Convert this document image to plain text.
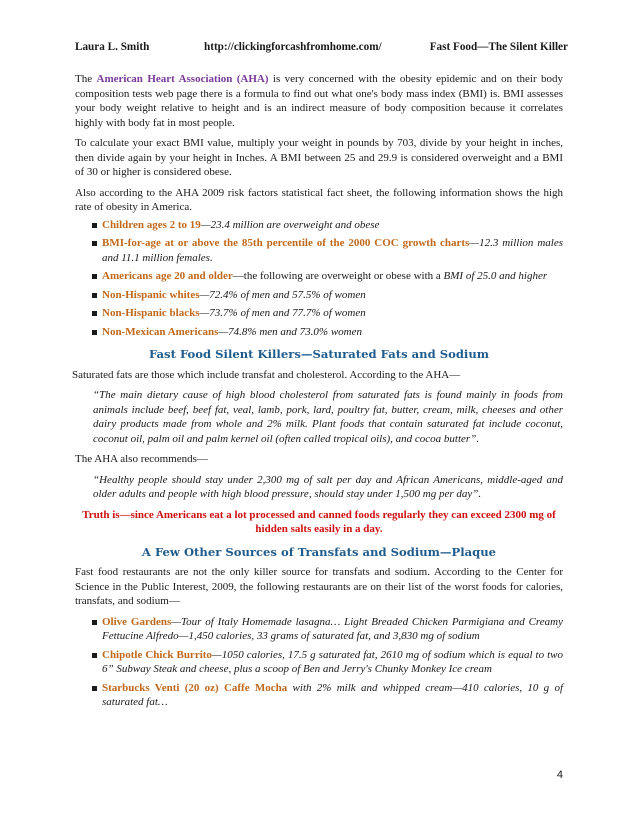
Laura L. Smith	http://clickingforcashfromhome.com/	Fast Food—The Silent Killer

The American Heart Association (AHA) is very concerned with the obesity epidemic and on their body composition tests web page there is a formula to find out what one's body mass index (BMI) is. BMI assesses your body weight relative to height and is an indirect measure of body composition because it correlates highly with body fat in most people.

To calculate your exact BMI value, multiply your weight in pounds by 703, divide by your height in inches, then divide again by your height in Inches. A BMI between 25 and 29.9 is considered overweight and a BMI of 30 or higher is considered obese.

Also according to the AHA 2009 risk factors statistical fact sheet, the following information shows the high rate of obesity in America.

Children ages 2 to 19—23.4 million are overweight and obese
BMI-for-age at or above the 85th percentile of the 2000 COC growth charts—12.3 million males and 11.1 million females.
Americans age 20 and older—the following are overweight or obese with a BMI of 25.0 and higher
Non-Hispanic whites—72.4% of men and 57.5% of women
Non-Hispanic blacks—73.7% of men and 77.7% of women
Non-Mexican Americans—74.8% men and 73.0% women
Fast Food Silent Killers—Saturated Fats and Sodium

Saturated fats are those which include transfat and cholesterol. According to the AHA—

“The main dietary cause of high blood cholesterol from saturated fats is found mainly in foods from animals include beef, beef fat, veal, lamb, pork, lard, poultry fat, butter, cream, milk, cheeses and other dairy products made from whole and 2% milk. Plant foods that contain saturated fat include coconut, coconut oil, palm oil and palm kernel oil (often called tropical oils), and cocoa butter”.

The AHA also recommends—

“Healthy people should stay under 2,300 mg of salt per day and African Americans, middle-aged and older adults and people with high blood pressure, should stay under 1,500 mg per day”.

Truth is—since Americans eat a lot processed and canned foods regularly they can exceed 2300 mg of hidden salts easily in a day.

A Few Other Sources of Transfats and Sodium—Plaque

Fast food restaurants are not the only killer source for transfats and sodium. According to the Center for Science in the Public Interest, 2009, the following restaurants are on their list of the worst foods for calories, transfats, and sodium—

Olive Gardens—Tour of Italy Homemade lasagna… Light Breaded Chicken Parmigiana and Creamy Fettucine Alfredo—1,450 calories, 33 grams of saturated fat, and 3,830 mg of sodium
Chipotle Chick Burrito—1050 calories, 17.5 g saturated fat, 2610 mg of sodium which is equal to two 6” Subway Steak and cheese, plus a scoop of Ben and Jerry's Chunky Monkey Ice cream
Starbucks Venti (20 oz) Caffe Mocha with 2% milk and whipped cream—410 calories, 10 g of saturated fat…
4
